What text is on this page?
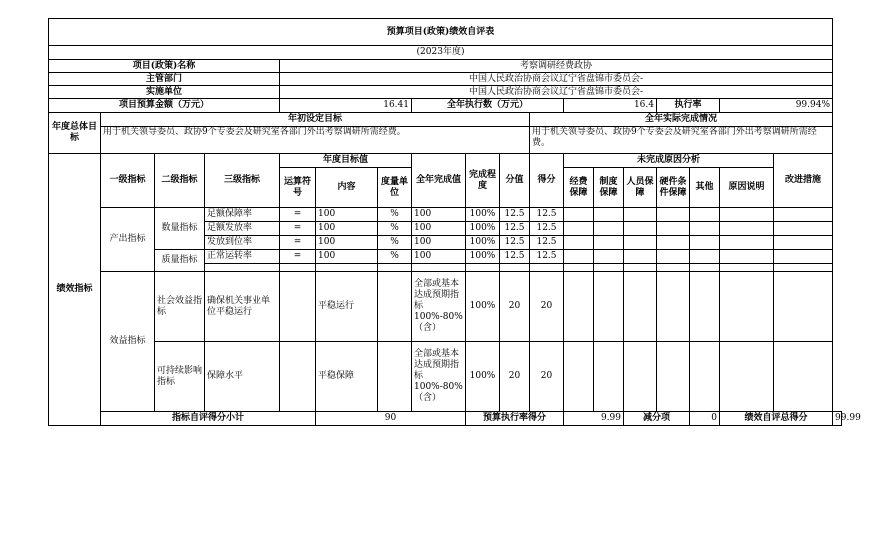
预算项目(政策)绩效自评表																		
(2023年度)																		
项目(政策)名称				考察调研经费政协														
主管部门				中国人民政治协商会议辽宁省盘锦市委员会-														
实施单位				中国人民政治协商会议辽宁省盘锦市委员会-														
项目预算金额（万元）				16.41			全年执行数（万元）				16.4			执行率		99.94%		
年度总体目标	年初设定目标									全年实际完成情况								
	用于机关领导委员、政协9个专委会及研究室各部门外出考察调研所需经费。									用于机关领导委员、政协9个专委会及研究室各部门外出考察调研所需经费。								
绩效指标	一级指标	二级指标	三级指标	年度目标值			全年完成值	完成程度	分值	得分	未完成原因分析						改进措施	
				运算符号	内容	度量单位					经费保障	制度保障	人员保障	硬件条件保障	其他	原因说明		
	产出指标	数量指标	足额保障率	=	100	%	100	100%	12.5	12.5								
			足额发放率	=	100	%	100	100%	12.5	12.5								
			发放到位率	=	100	%	100	100%	12.5	12.5								
		质量指标	正常运转率	=	100	%	100	100%	12.5	12.5								

	效益指标	社会效益指标	确保机关事业单位平稳运行		平稳运行		全部或基本达成预期指标100%-80%（含）	100%	20	20								
		可持续影响指标	保障水平		平稳保障		全部或基本达成预期指标100%-80%（含）	100%	20	20								
	指标自评得分小计				90			预算执行率得分			9.99		减分项		0	绩效自评总得分		99.99
